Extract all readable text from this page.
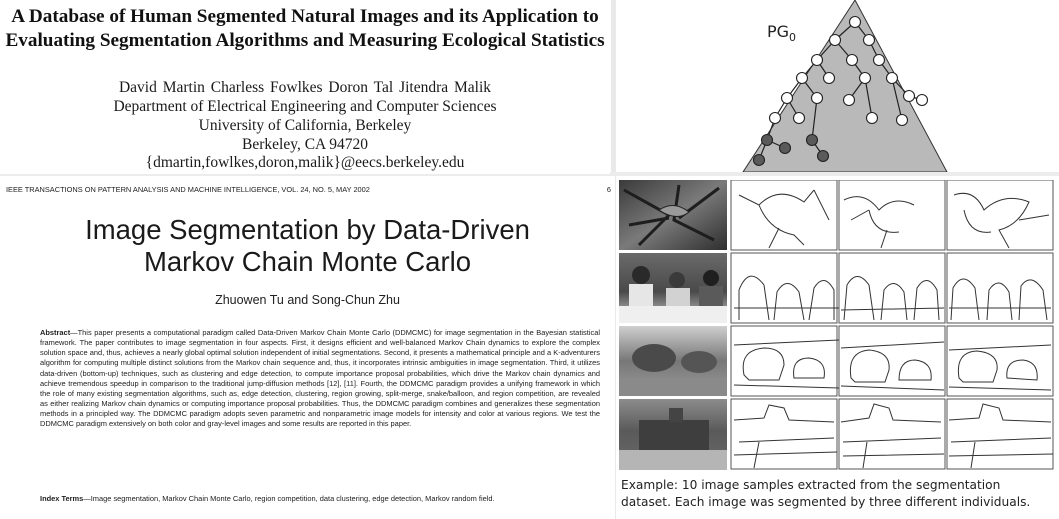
A Database of Human Segmented Natural Images and its Application to
Evaluating Segmentation Algorithms and Measuring Ecological Statistics
David Martin Charless Fowlkes Doron Tal Jitendra Malik
Department of Electrical Engineering and Computer Sciences
University of California, Berkeley
Berkeley, CA 94720
{dmartin,fowlkes,doron,malik}@eecs.berkeley.edu
IEEE TRANSACTIONS ON PATTERN ANALYSIS AND MACHINE INTELLIGENCE, VOL. 24, NO. 5, MAY 2002	6
Image Segmentation by Data-Driven
Markov Chain Monte Carlo
Zhuowen Tu and Song-Chun Zhu
Abstract—This paper presents a computational paradigm called Data-Driven Markov Chain Monte Carlo (DDMCMC) for image segmentation in the Bayesian statistical framework. The paper contributes to image segmentation in four aspects. First, it designs efficient and well-balanced Markov Chain dynamics to explore the complex solution space and, thus, achieves a nearly global optimal solution independent of initial segmentations. Second, it presents a mathematical principle and a K-adventurers algorithm for computing multiple distinct solutions from the Markov chain sequence and, thus, it incorporates intrinsic ambiguities in image segmentation. Third, it utilizes data-driven (bottom-up) techniques, such as clustering and edge detection, to compute importance proposal probabilities, which drive the Markov chain dynamics and achieve tremendous speedup in comparison to the traditional jump-diffusion methods [12], [11]. Fourth, the DDMCMC paradigm provides a unifying framework in which the role of many existing segmentation algorithms, such as, edge detection, clustering, region growing, split-merge, snake/balloon, and region competition, are revealed as either realizing Markov chain dynamics or computing importance proposal probabilities. Thus, the DDMCMC paradigm combines and generalizes these segmentation methods in a principled way. The DDMCMC paradigm adopts seven parametric and nonparametric image models for intensity and color at various regions. We test the DDMCMC paradigm extensively on both color and gray-level images and some results are reported in this paper.
Index Terms—Image segmentation, Markov Chain Monte Carlo, region competition, data clustering, edge detection, Markov random field.
$PG_0$
Example: 10 image samples extracted from the segmentation
dataset. Each image was segmented by three different individuals.
